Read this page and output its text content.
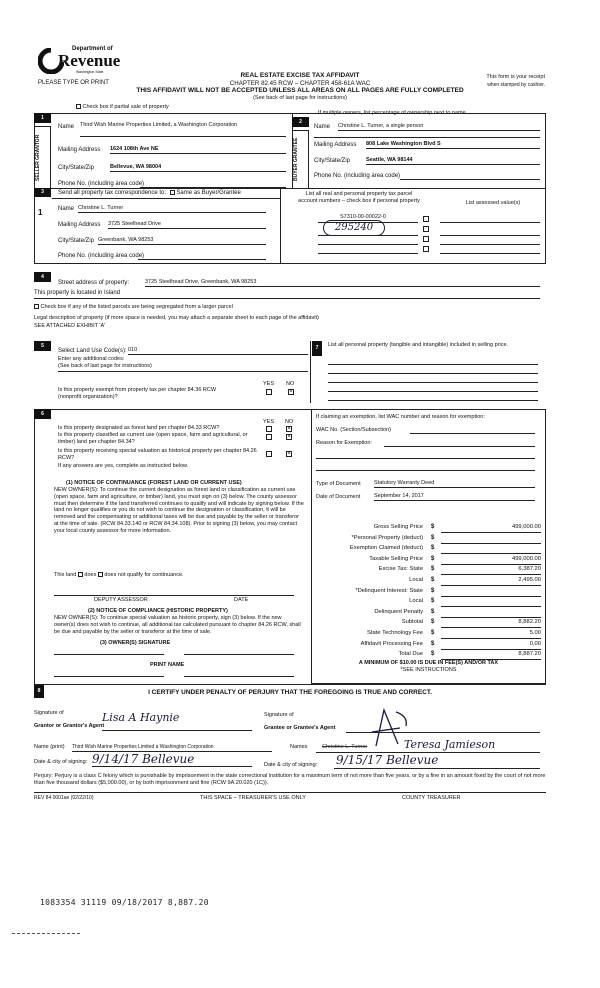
Department of
Revenue
Washington State
PLEASE TYPE OR PRINT
REAL ESTATE EXCISE TAX AFFIDAVIT
CHAPTER 82.45 RCW – CHAPTER 458-61A WAC
THIS AFFIDAVIT WILL NOT BE ACCEPTED UNLESS ALL AREAS ON ALL PAGES ARE FULLY COMPLETED
(See back of last page for instructions)
This form is your receipt
when stamped by cashier.
Check box if partial sale of property
If multiple owners, list percentage of ownership next to name.
1
2
SELLER GRANTOR	BUYER GRANTEE
Name Third Wish Marine Properties Limited, a Washington Corporation
Mailing Address 1624 108th Ave NE
City/State/Zip	Bellevue, WA 98004
Phone No. (including area code)
Name Christine L. Turner, a single person
Mailing Address 808 Lake Washington Blvd S
City/State/Zip	Seattle, WA 98144
Phone No. (including area code)
3	Send all property tax correspondence to: Same as Buyer/Grantee
1	Name Christine L. Turner
Mailing Address 3725 Steelhead Drive
City/State/Zip Greenbank, WA 98253
Phone No. (including area code)
List all real and personal property tax parcel
account numbers – check box if personal property	List assessed value(s)
S7310-00-00022-0
295240
4
Street address of property:	3725 Steelhead Drive, Greenbank, WA 98253
This property is located in Island
Check box if any of the listed parcels are being segregated from a larger parcel
Legal description of property (if more space is needed, you may attach a separate sheet to each page of the affidavit)
SEE ATTACHED EXHIBIT 'A'
5
Select Land Use Code(s): 010
Enter any additional codes:
(See back of last page for instructions)
YES NO
Is this property exempt from property tax per chapter 84.36 RCW (nonprofit organization)?
×
7	List all personal property (tangible and intangible) included in selling price.
6
YES NO
Is this property designated as forest land per chapter 84.33 RCW?
Is this property classified as current use (open space, farm and agricultural, or timber) land per chapter 84.34?
Is this property receiving special valuation as historical property per chapter 84.26 RCW?
If any answers are yes, complete as instructed below.
×
×
×
(1) NOTICE OF CONTINUANCE (FOREST LAND OR CURRENT USE)
NEW OWNER(S): To continue the current designation as forest land or classification as current use (open space, farm and agriculture, or timber) land, you must sign on (3) below. The county assessor must then determine if the land transferred continues to qualify and will indicate by signing below. If the land no longer qualifies or you do not wish to continue the designation or classification, it will be removed and the compensating or additional taxes will be due and payable by the seller or transferor at the time of sale. (RCW 84.33.140 or RCW 84.34.108). Prior to signing (3) below, you may contact your local county assessor for more information.
This land does does not qualify for continuance.
DEPUTY ASSESSOR	DATE
(2) NOTICE OF COMPLIANCE (HISTORIC PROPERTY)
NEW OWNER(S): To continue special valuation as historic property, sign (3) below. If the new owner(s) does not wish to continue, all additional tax calculated pursuant to chapter 84.26 RCW, shall be due and payable by the seller or transferor at the time of sale.
(3) OWNER(S) SIGNATURE
PRINT NAME
If claiming an exemption, list WAC number and reason for exemption:
WAC No. (Section/Subsection)
Reason for Exemption:
Type of Document Statutory Warranty Deed
Date of Document September 14, 2017
Gross Selling Price $	499,000.00
*Personal Property (deduct) $
Exemption Claimed (deduct) $
Taxable Selling Price $	499,000.00
Excise Tax: State $	6,387.20
Local $	2,495.00
*Delinquent Interest: State $
Local $
Delinquent Penalty $
Subtotal $	8,882.20
State Technology Fee $	5.00
Affidavit Processing Fee $	0.00
Total Due $	8,887.20
A MINIMUM OF $10.00 IS DUE IN FEE(S) AND/OR TAX
*SEE INSTRUCTIONS
8	I CERTIFY UNDER PENALTY OF PERJURY THAT THE FOREGOING IS TRUE AND CORRECT.
Signature of
Grantor or Grantor's Agent
Lisa A Haynie	Signature of
Grantee or Grantee's Agent
Name (print) Third Wish Marine Properties Limited a Washington Corporation	Names	Christine L. Turner	Teresa Jamieson
Date & city of signing: 9/14/17 Bellevue	Date & city of signing: 9/15/17 Bellevue
Perjury: Perjury is a class C felony which is punishable by imprisonment in the state correctional institution for a maximum term of not more than five years, or by a fine in an amount fixed by the court of not more than five thousand dollars ($5,000.00), or by both imprisonment and fine (RCW 9A.20.020 (1C)).
REV 84 0001ae (02/22/10)	THIS SPACE – TREASURER'S USE ONLY	COUNTY TREASURER
1083354 31119 09/18/2017 8,887.20
